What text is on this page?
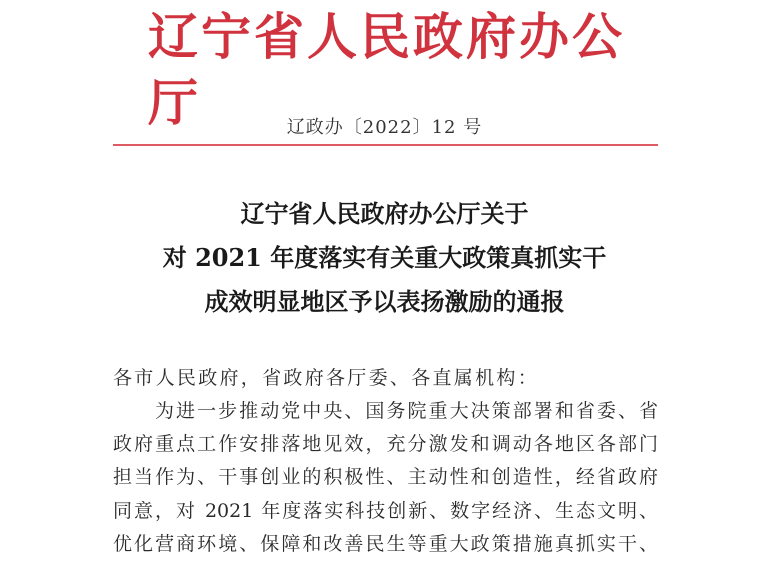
辽宁省人民政府办公厅	辽政办〔2022〕12 号
辽宁省人民政府办公厅关于
对 2021 年度落实有关重大政策真抓实干
成效明显地区予以表扬激励的通报
各市人民政府，省政府各厅委、各直属机构：
为进一步推动党中央、国务院重大决策部署和省委、省
政府重点工作安排落地见效，充分激发和调动各地区各部门
担当作为、干事创业的积极性、主动性和创造性，经省政府
同意，对 2021 年度落实科技创新、数字经济、生态文明、
优化营商环境、保障和改善民生等重大政策措施真抓实干、
